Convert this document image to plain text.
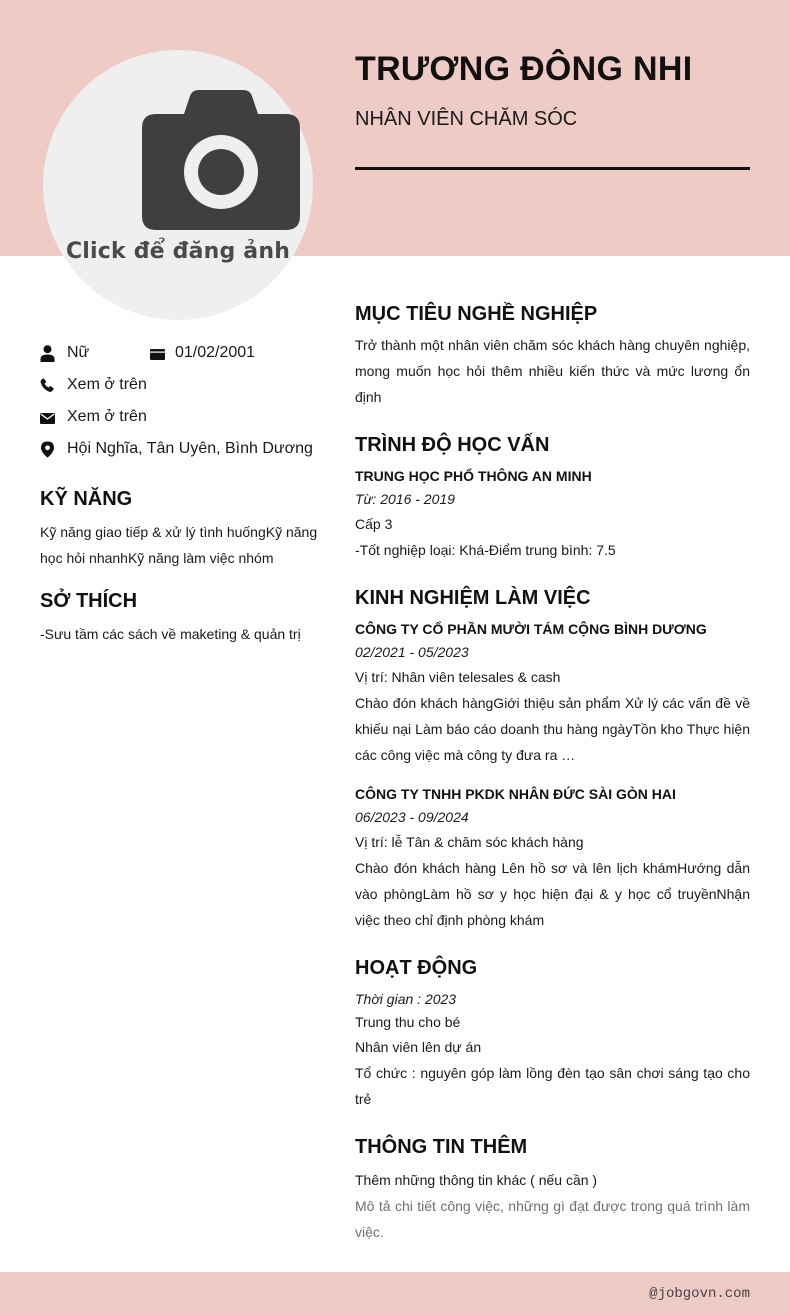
Click để đăng ảnh
TRƯƠNG ĐÔNG NHI
NHÂN VIÊN CHĂM SÓC
Nữ	01/02/2001
Xem ở trên
Xem ở trên
Hội Nghĩa, Tân Uyên, Bình Dương
KỸ NĂNG
Kỹ năng giao tiếp & xử lý tình huốngKỹ năng học hỏi nhanhKỹ năng làm việc nhóm
SỞ THÍCH
-Sưu tầm các sách về maketing & quản trị
MỤC TIÊU NGHỀ NGHIỆP
Trở thành một nhân viên chăm sóc khách hàng chuyên nghiệp, mong muốn học hỏi thêm nhiều kiến thức và mức lương ổn định
TRÌNH ĐỘ HỌC VẤN
TRUNG HỌC PHỔ THÔNG AN MINH
Từ: 2016 - 2019
Cấp 3
-Tốt nghiệp loại: Khá-Điểm trung bình: 7.5
KINH NGHIỆM LÀM VIỆC
CÔNG TY CỔ PHẦN MƯỜI TÁM CỘNG BÌNH DƯƠNG
02/2021 - 05/2023
Vị trí: Nhân viên telesales & cash
Chào đón khách hàngGiới thiệu sản phẩm Xử lý các vấn đề về khiếu nại Làm báo cáo doanh thu hàng ngàyTồn kho Thực hiện các công việc mà công ty đưa ra …
CÔNG TY TNHH PKDK NHÂN ĐỨC SÀI GÒN HAI
06/2023 - 09/2024
Vị trí: lễ Tân & chăm sóc khách hàng
Chào đón khách hàng Lên hồ sơ và lên lịch khámHướng dẫn vào phòngLàm hồ sơ y học hiện đại & y học cổ truyềnNhận việc theo chỉ định phòng khám
HOẠT ĐỘNG
Thời gian : 2023
Trung thu cho bé
Nhân viên lên dự án
Tổ chức : nguyên góp làm lồng đèn tạo sân chơi sáng tạo cho trẻ
THÔNG TIN THÊM
Thêm những thông tin khác ( nếu cần )
Mô tả chi tiết công việc, những gì đạt được trong quá trình làm việc.
@jobgovn.com
